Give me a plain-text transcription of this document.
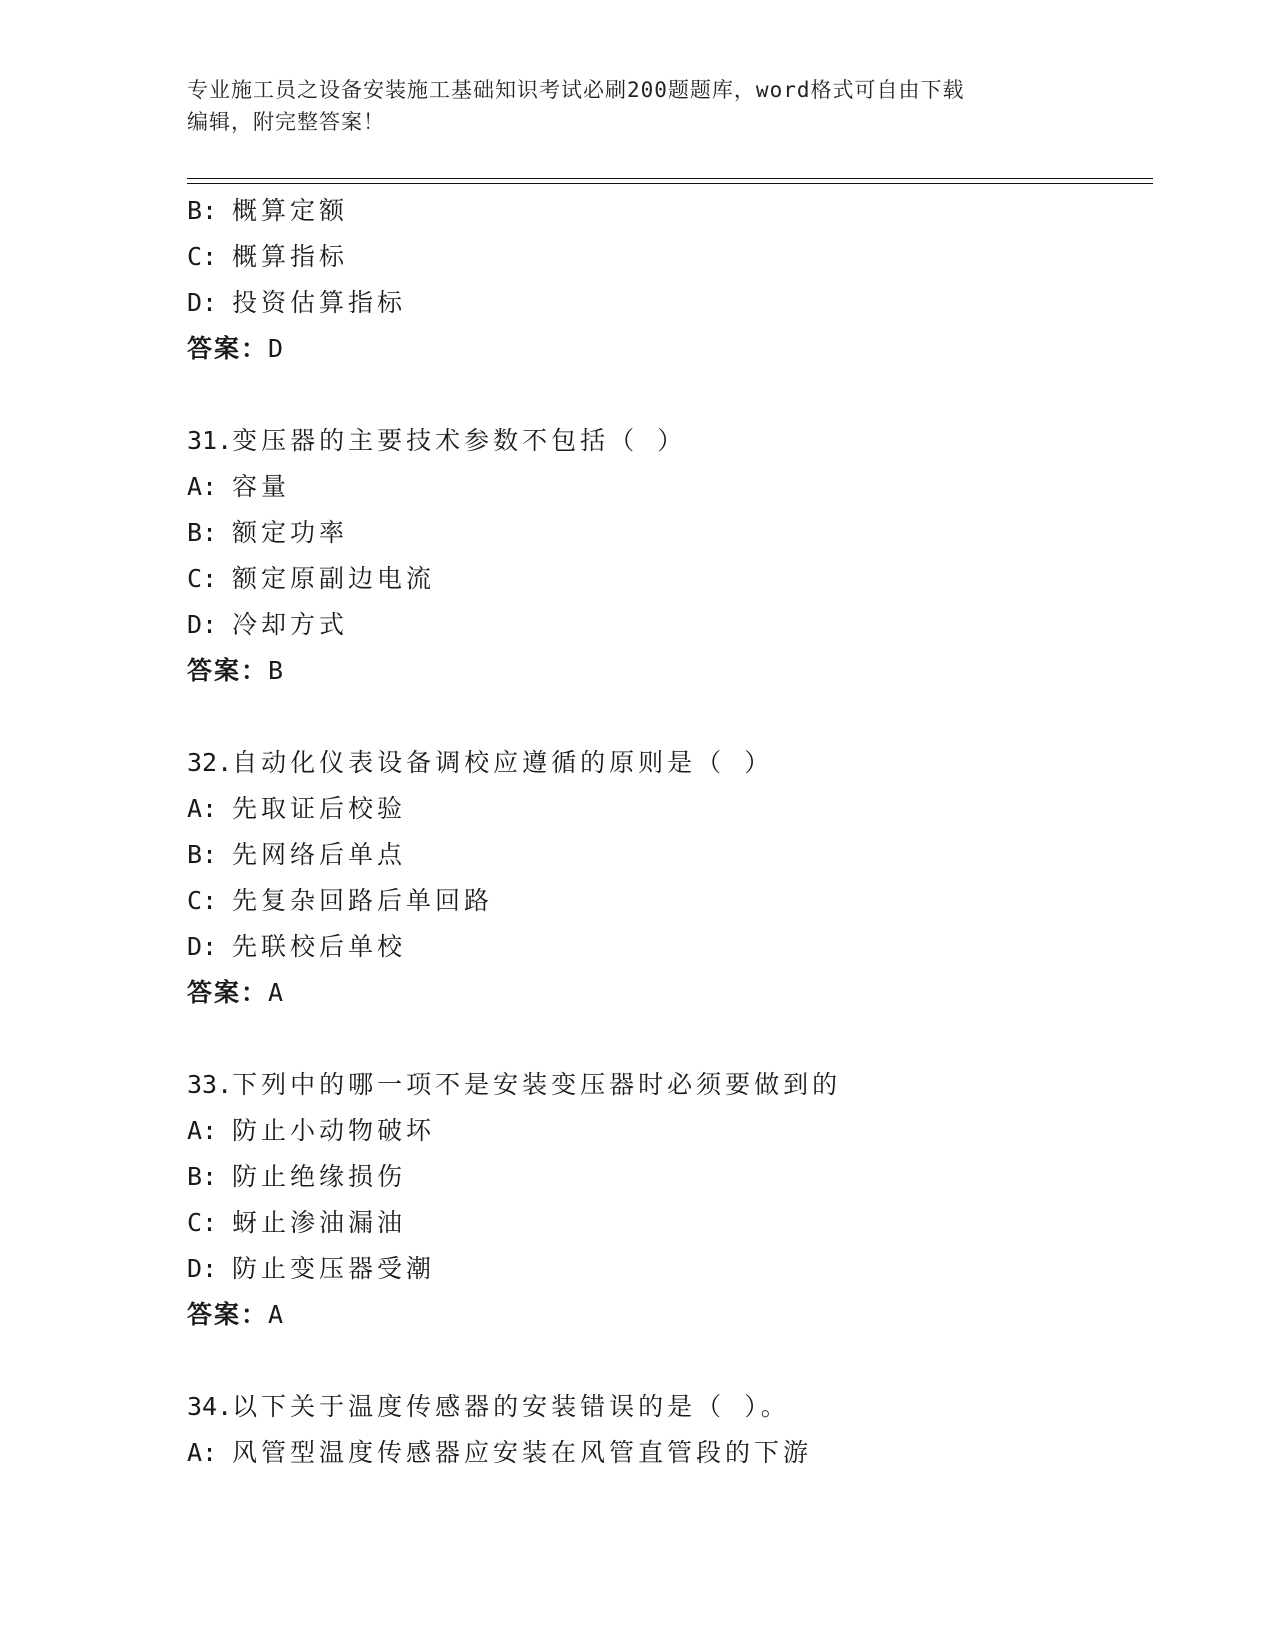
专业施工员之设备安装施工基础知识考试必刷200题题库，word格式可自由下载
编辑，附完整答案！
B: 概算定额
C: 概算指标
D: 投资估算指标
答案：D
31.变压器的主要技术参数不包括（ ）
A: 容量
B: 额定功率
C: 额定原副边电流
D: 冷却方式
答案：B
32.自动化仪表设备调校应遵循的原则是（ ）
A: 先取证后校验
B: 先网络后单点
C: 先复杂回路后单回路
D: 先联校后单校
答案：A
33.下列中的哪一项不是安装变压器时必须要做到的
A: 防止小动物破坏
B: 防止绝缘损伤
C: 蚜止渗油漏油
D: 防止变压器受潮
答案：A
34.以下关于温度传感器的安装错误的是（ ）。
A: 风管型温度传感器应安装在风管直管段的下游
